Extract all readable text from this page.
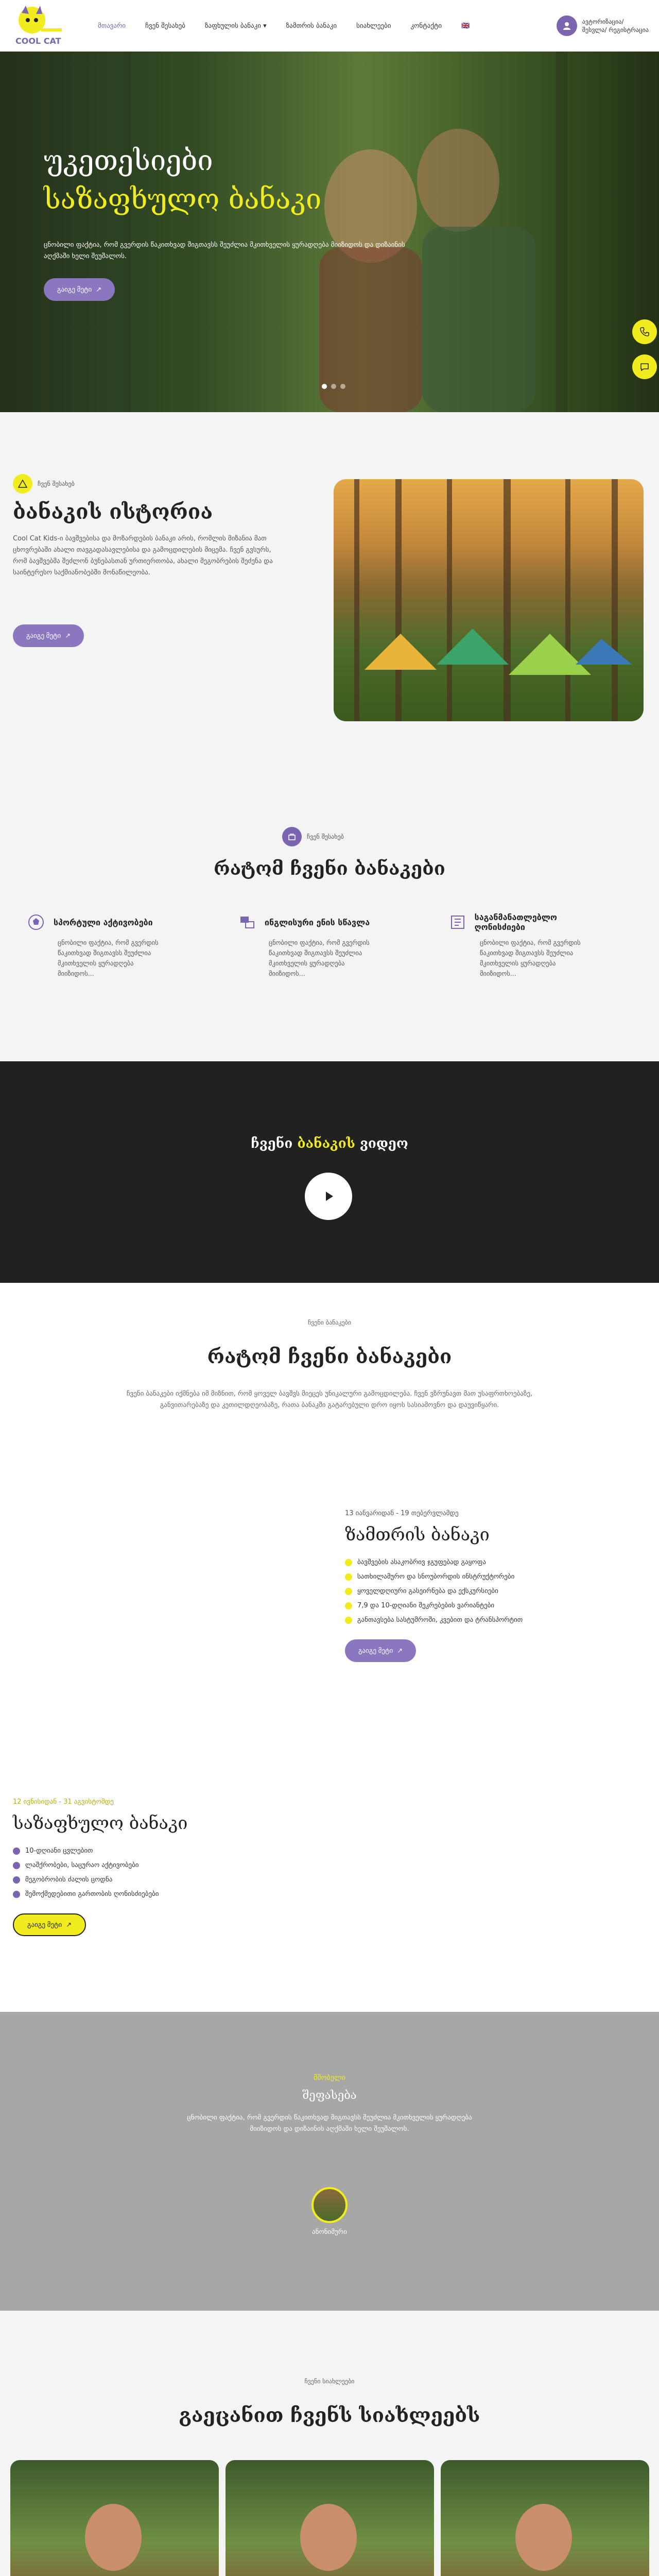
COOL CAT
მთავარი	ჩვენ შესახებ	ზაფხულის ბანაკი ▾	ზამთრის ბანაკი	სიახლეები	კონტაქტი	🇬🇧
ავტორიზაცია/
შესვლა/ რეგისტრაცია
უკეთესიები
საზაფხულო ბანაკი
ცნობილი ფაქტია, რომ გვერდის წაკითხვად შიგთავსს შეუძლია მკითხველის ყურადღება მიიზიდოს და დიზაინის აღქმაში ხელი შეუშალოს.
გაიგე მეტი ↗
ჩვენ შესახებ
ბანაკის ისტორია

Cool Cat Kids-ი ბავშვებისა და მოზარდების ბანაკი არის, რომლის მიზანია მათ ცხოვრებაში ახალი თავგადასავლებისა და გამოცდილების მიცემა. ჩვენ გვსურს, რომ ბავშვებმა შეძლონ ბუნებასთან ურთიერთობა, ახალი მეგობრების შეძენა და საინტერესო საქმიანობებში მონაწილეობა.

გაიგე მეტი ↗
ჩვენ შესახებ
რატომ ჩვენი ბანაკები
სპორტული აქტივობები

ცნობილი ფაქტია, რომ გვერდის წაკითხვად შიგთავსს შეუძლია მკითხველის ყურადღება მიიზიდოს...

ინგლისური ენის სწავლა

ცნობილი ფაქტია, რომ გვერდის წაკითხვად შიგთავსს შეუძლია მკითხველის ყურადღება მიიზიდოს...

საგანმანათლებლო ღონისძიები

ცნობილი ფაქტია, რომ გვერდის წაკითხვად შიგთავსს შეუძლია მკითხველის ყურადღება მიიზიდოს...

ჩვენი ბანაკის ვიდეო
ჩვენი ბანაკები
რატომ ჩვენი ბანაკები
ჩვენი ბანაკები იქმნება იმ მიზნით, რომ ყოველ ბავშვს მიეცეს უნიკალური გამოცდილება. ჩვენ ვზრუნავთ მათ უსაფრთხოებაზე, განვითარებაზე და კეთილდღეობაზე, რათა ბანაკში გატარებული დრო იყოს სასიამოვნო და დაუვიწყარი.
13 იანვარიდან - 19 თებერვლამდე
ზამთრის ბანაკი
ბავშვების ასაკობრივ ჯგუფებად გაყოფა
სათხილამურო და სნოუბორდის ინსტრუქტორები
ყოველდღიური გასეირნება და ექსკურსიები
7,9 და 10-დღიანი შეკრებების ვარიანტები
განთავსება სასტუმროში, კვებით და ტრანსპორტით
გაიგე მეტი ↗
12 ივნისიდან - 31 აგვისტომდე
საზაფხულო ბანაკი
10-დღიანი ცვლებით
ლაშქრობები, საცურაო აქტივობები
მეგობრობის ძალის ცოდნა
შემოქმედებითი გართობის ღონისძიებები
გაიგე მეტი ↗
მშობელი
შეფასება

ცნობილი ფაქტია, რომ გვერდის წაკითხვად შიგთავსს შეუძლია მკითხველის ყურადღება მიიზიდოს და დიზაინის აღქმაში ხელი შეუშალოს.

ანონიმური
ჩვენი სიახლეები
გაეცანით ჩვენს სიახლეებს
